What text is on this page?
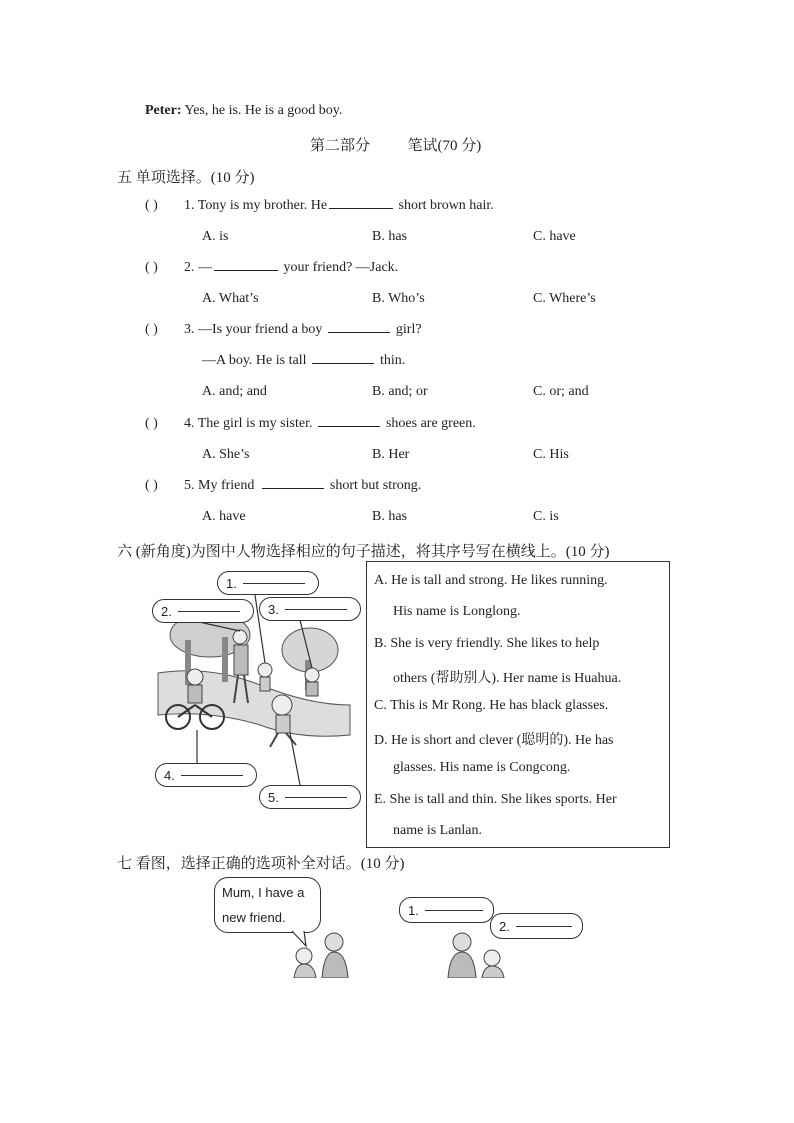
Peter: Yes, he is. He is a good boy.
第二部分	笔试(70 分)
五 单项选择。(10 分)
( ) 1. Tony is my brother. He	short brown hair.
A. is	B. has	C. have
( ) 2. —	your friend? —Jack.
A. What’s	B. Who’s	C. Where’s
( ) 3. —Is your friend a boy	girl?
—A boy. He is tall	thin.
A. and; and	B. and; or	C. or; and
( ) 4. The girl is my sister.	shoes are green.
A. She’s	B. Her	C. His
( ) 5. My friend	short but strong.
A. have	B. has	C. is
六 (新角度)为图中人物选择相应的句子描述，将其序号写在横线上。(10 分)
1.
2.	3.
4.
5.
A. He is tall and strong. He likes running.
His name is Longlong.
B. She is very friendly. She likes to help
others (帮助别人). Her name is Huahua.
C. This is Mr Rong. He has black glasses.
D. He is short and clever (聪明的). He has
glasses. His name is Congcong.
E. She is tall and thin. She likes sports. Her
name is Lanlan.
七 看图，选择正确的选项补全对话。(10 分)
Mum, I have a
new friend.	1.
2.
